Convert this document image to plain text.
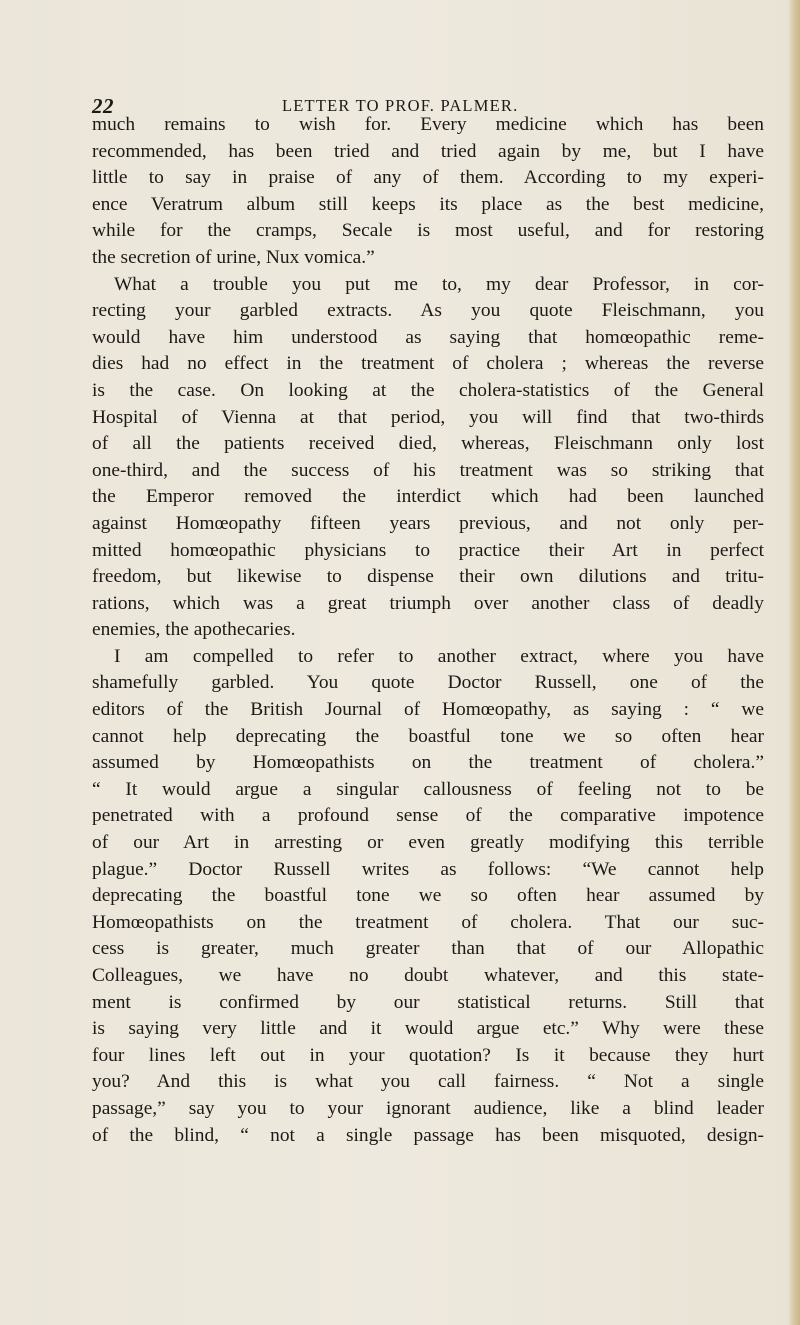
22	LETTER TO PROF. PALMER.
much remains to wish for. Every medicine which has been
recommended, has been tried and tried again by me, but I have
little to say in praise of any of them. According to my experi-
ence Veratrum album still keeps its place as the best medicine,
while for the cramps, Secale is most useful, and for restoring
the secretion of urine, Nux vomica.”
What a trouble you put me to, my dear Professor, in cor-
recting your garbled extracts. As you quote Fleischmann, you
would have him understood as saying that homœopathic reme-
dies had no effect in the treatment of cholera ; whereas the reverse
is the case. On looking at the cholera-statistics of the General
Hospital of Vienna at that period, you will find that two-thirds
of all the patients received died, whereas, Fleischmann only lost
one-third, and the success of his treatment was so striking that
the Emperor removed the interdict which had been launched
against Homœopathy fifteen years previous, and not only per-
mitted homœopathic physicians to practice their Art in perfect
freedom, but likewise to dispense their own dilutions and tritu-
rations, which was a great triumph over another class of deadly
enemies, the apothecaries.
I am compelled to refer to another extract, where you have
shamefully garbled. You quote Doctor Russell, one of the
editors of the British Journal of Homœopathy, as saying : “ we
cannot help deprecating the boastful tone we so often hear
assumed by Homœopathists on the treatment of cholera.”
“ It would argue a singular callousness of feeling not to be
penetrated with a profound sense of the comparative impotence
of our Art in arresting or even greatly modifying this terrible
plague.” Doctor Russell writes as follows: “We cannot help
deprecating the boastful tone we so often hear assumed by
Homœopathists on the treatment of cholera. That our suc-
cess is greater, much greater than that of our Allopathic
Colleagues, we have no doubt whatever, and this state-
ment is confirmed by our statistical returns. Still that
is saying very little and it would argue etc.” Why were these
four lines left out in your quotation? Is it because they hurt
you? And this is what you call fairness. “ Not a single
passage,” say you to your ignorant audience, like a blind leader
of the blind, “ not a single passage has been misquoted, design-
